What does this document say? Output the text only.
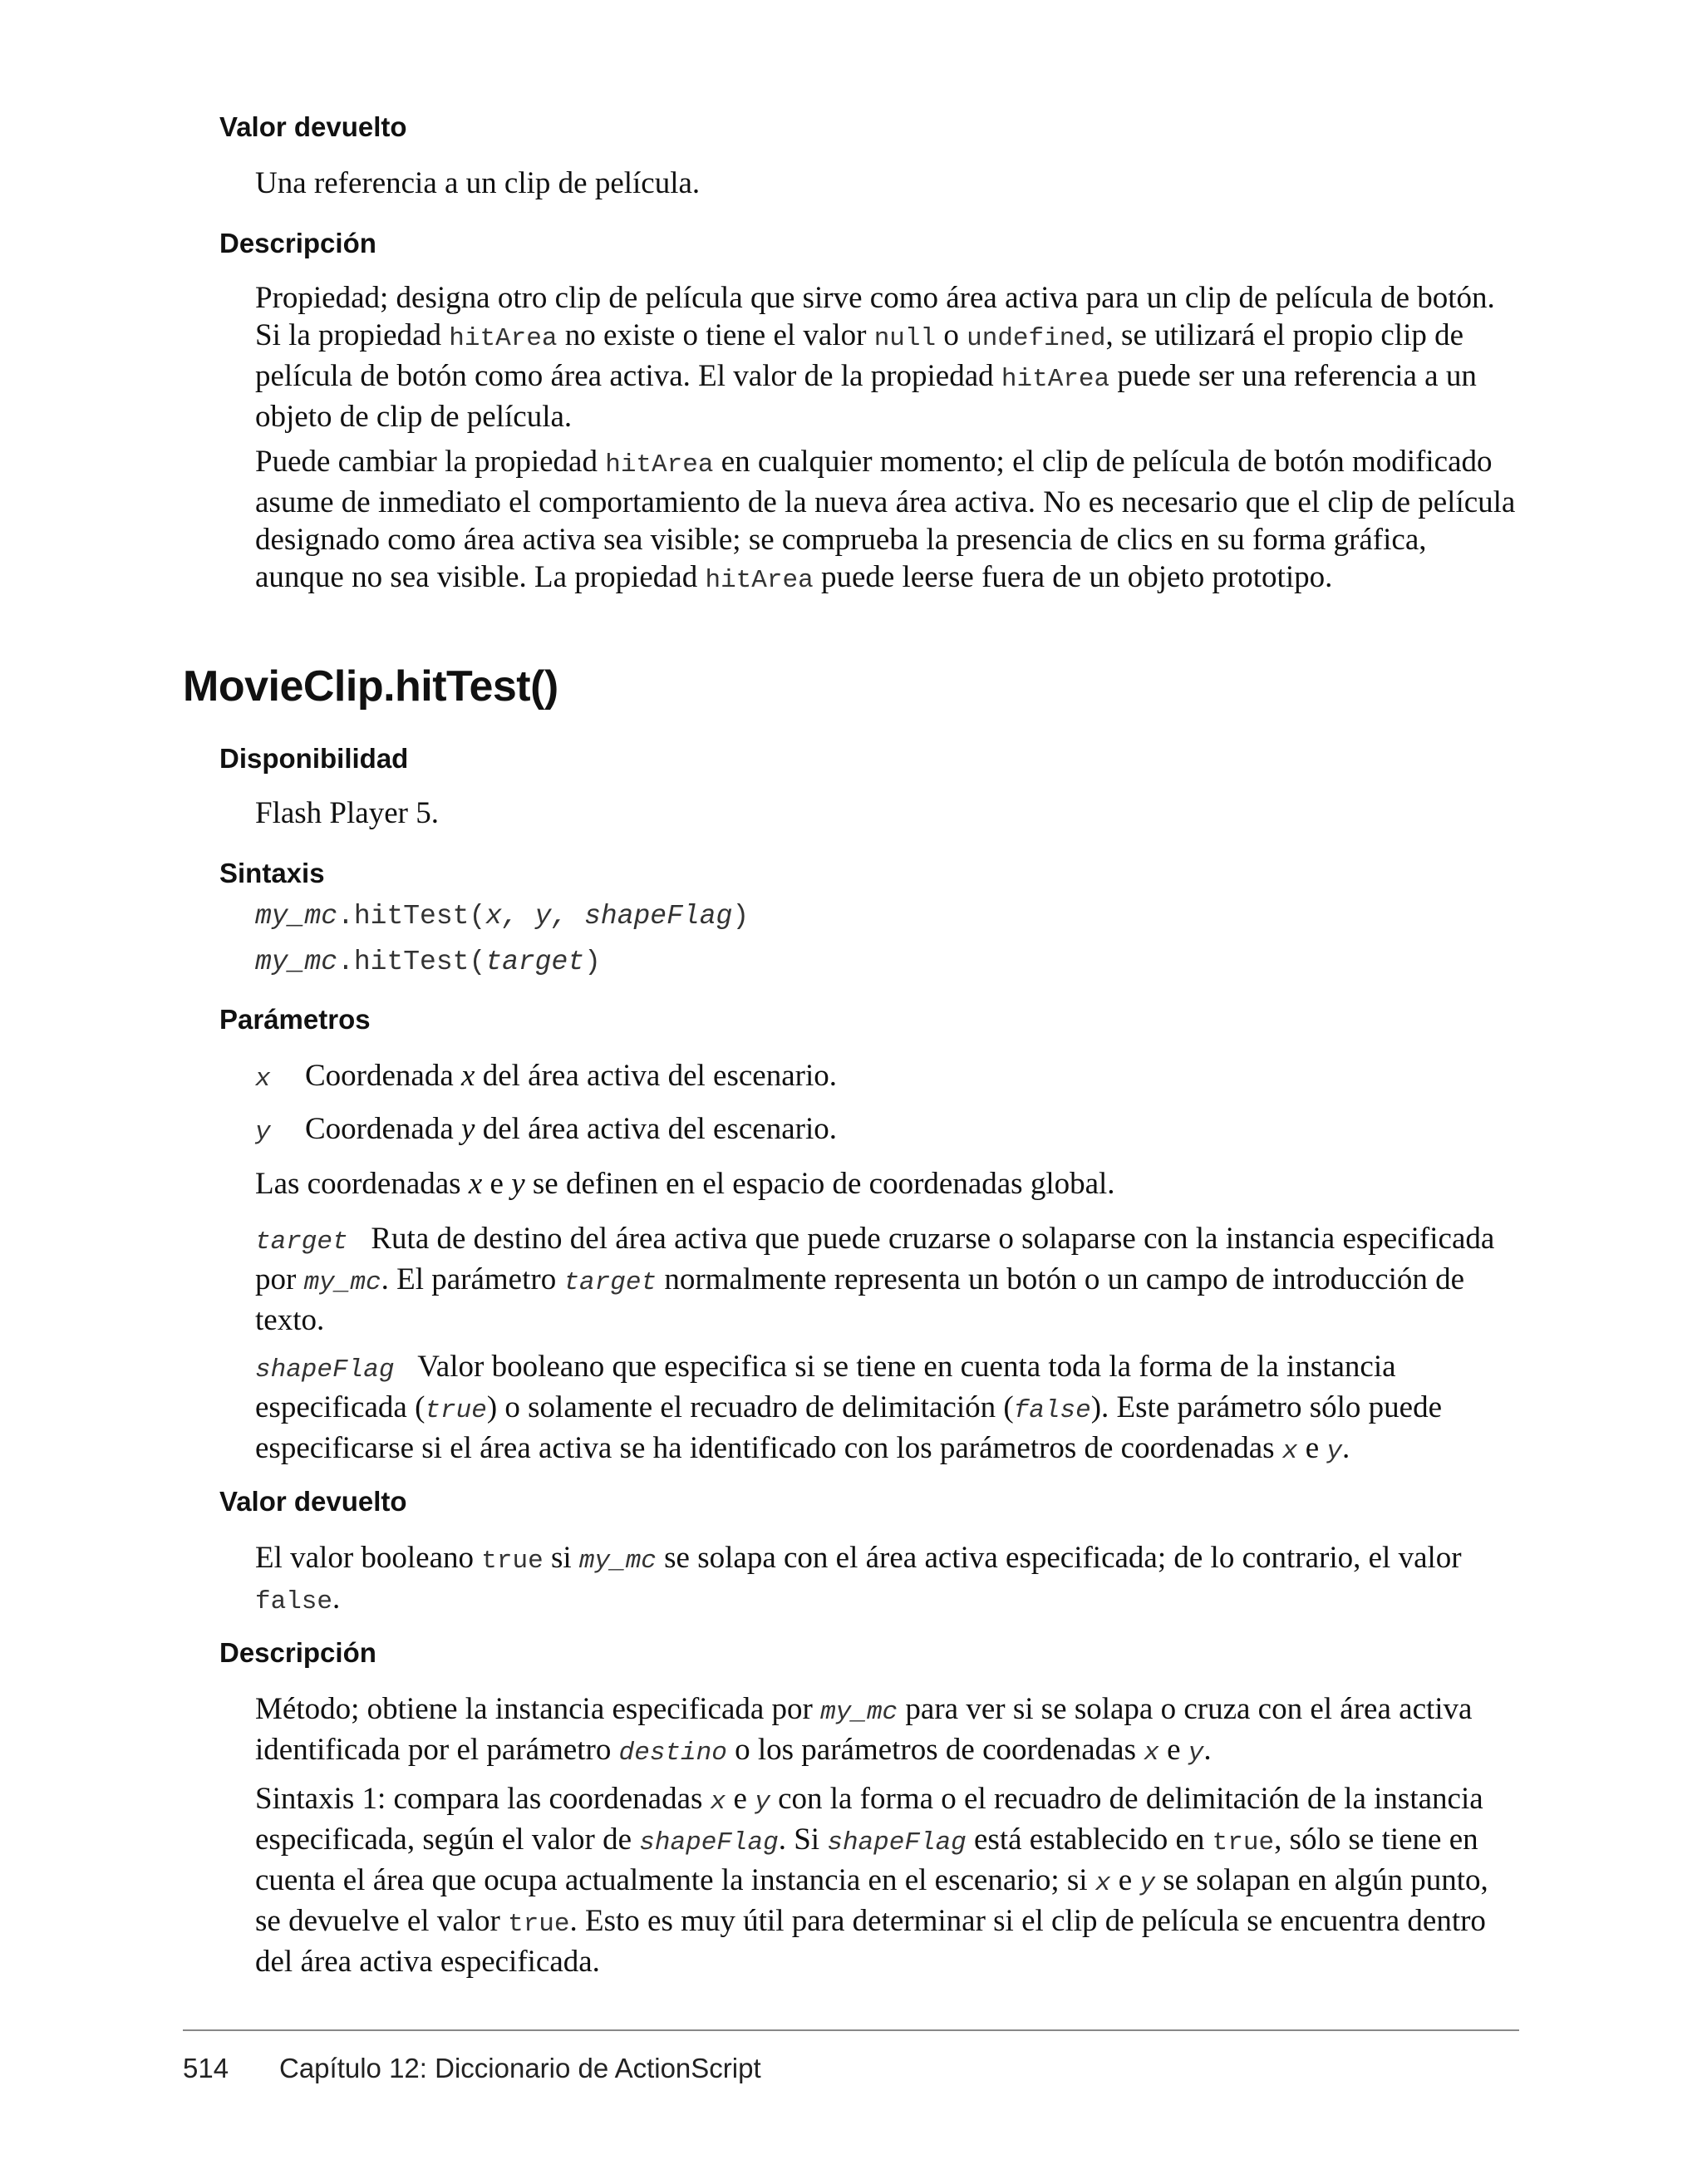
Valor devuelto

Una referencia a un clip de película.

Descripción

Propiedad; designa otro clip de película que sirve como área activa para un clip de película de botón. Si la propiedad hitArea no existe o tiene el valor null o undefined, se utilizará el propio clip de película de botón como área activa. El valor de la propiedad hitArea puede ser una referencia a un objeto de clip de película.

Puede cambiar la propiedad hitArea en cualquier momento; el clip de película de botón modificado asume de inmediato el comportamiento de la nueva área activa. No es necesario que el clip de película designado como área activa sea visible; se comprueba la presencia de clics en su forma gráfica, aunque no sea visible. La propiedad hitArea puede leerse fuera de un objeto prototipo.

MovieClip.hitTest()
Disponibilidad

Flash Player 5.

Sintaxis

my_mc.hitTest(x, y, shapeFlag)

my_mc.hitTest(target)

Parámetros
x Coordenada x del área activa del escenario.
y Coordenada y del área activa del escenario.

Las coordenadas x e y se definen en el espacio de coordenadas global.

target Ruta de destino del área activa que puede cruzarse o solaparse con la instancia especificada por my_mc. El parámetro target normalmente representa un botón o un campo de introducción de texto.

shapeFlag Valor booleano que especifica si se tiene en cuenta toda la forma de la instancia especificada (true) o solamente el recuadro de delimitación (false). Este parámetro sólo puede especificarse si el área activa se ha identificado con los parámetros de coordenadas x e y.

Valor devuelto

El valor booleano true si my_mc se solapa con el área activa especificada; de lo contrario, el valor false.

Descripción

Método; obtiene la instancia especificada por my_mc para ver si se solapa o cruza con el área activa identificada por el parámetro destino o los parámetros de coordenadas x e y.

Sintaxis 1: compara las coordenadas x e y con la forma o el recuadro de delimitación de la instancia especificada, según el valor de shapeFlag. Si shapeFlag está establecido en true, sólo se tiene en cuenta el área que ocupa actualmente la instancia en el escenario; si x e y se solapan en algún punto, se devuelve el valor true. Esto es muy útil para determinar si el clip de película se encuentra dentro del área activa especificada.

514 Capítulo 12: Diccionario de ActionScript
